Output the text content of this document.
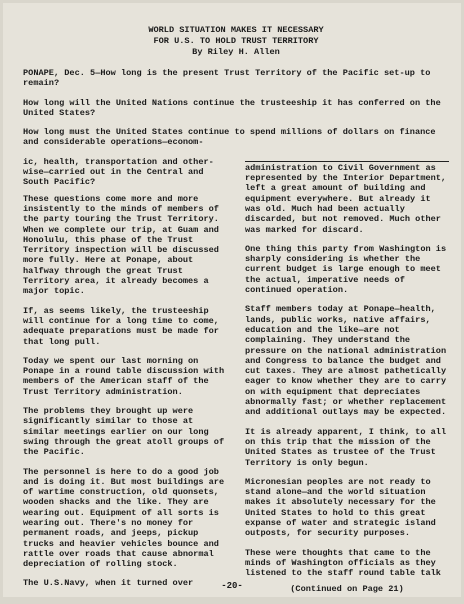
WORLD SITUATION MAKES IT NECESSARY
FOR U.S. TO HOLD TRUST TERRITORY
By Riley H. Allen

PONAPE, Dec. 5—How long is the present Trust Territory of the Pacific set-up to remain?

How long will the United Nations continue the trusteeship it has conferred on the United States?

How long must the United States continue to spend millions of dollars on finance and considerable operations—econom-

ic, health, transportation and other-wise—carried out in the Central and South Pacific?

These questions come more and more insistently to the minds of members of the party touring the Trust Territory. When we complete our trip, at Guam and Honolulu, this phase of the Trust Territory inspection will be discussed more fully. Here at Ponape, about halfway through the great Trust Territory area, it already becomes a major topic.

If, as seems likely, the trusteeship will continue for a long time to come, adequate preparations must be made for that long pull.

Today we spent our last morning on Ponape in a round table discussion with members of the American staff of the Trust Territory administration.

The problems they brought up were significantly similar to those at similar meetings earlier on our long swing through the great atoll groups of the Pacific.

The personnel is here to do a good job and is doing it. But most buildings are of wartime construction, old quonsets, wooden shacks and the like. They are wearing out. Equipment of all sorts is wearing out. There's no money for permanent roads, and jeeps, pickup trucks and heavier vehicles bounce and rattle over roads that cause abnormal depreciation of rolling stock.

The U.S.Navy, when it turned over

administration to Civil Government as represented by the Interior Department, left a great amount of building and equipment everywhere. But already it was old. Much had been actually discarded, but not removed. Much other was marked for discard.

One thing this party from Washington is sharply considering is whether the current budget is large enough to meet the actual, imperative needs of continued operation.

Staff members today at Ponape—health, lands, public works, native affairs, education and the like—are not complaining. They understand the pressure on the national administration and Congress to balance the budget and cut taxes. They are almost pathetically eager to know whether they are to carry on with equipment that depreciates abnormally fast; or whether replacement and additional outlays may be expected.

It is already apparent, I think, to all on this trip that the mission of the United States as trustee of the Trust Territory is only begun.

Micronesian peoples are not ready to stand alone—and the world situation makes it absolutely necessary for the United States to hold to this great expanse of water and strategic island outposts, for security purposes.

These were thoughts that came to the minds of Washington officials as they listened to the staff round table talk

(Continued on Page 21)

-20-
